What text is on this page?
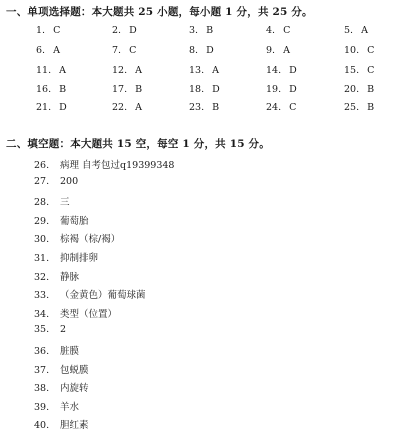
一、单项选择题：本大题共 25 小题，每小题 1 分，共 25 分。
1. C	2. D	3. B	4. C	5. A
6. A	7. C	8. D	9. A	10. C
11. A	12. A	13. A	14. D	15. C
16. B	17. B	18. D	19. D	20. B
21. D	22. A	23. B	24. C	25. B
二、填空题：本大题共 15 空，每空 1 分，共 15 分。
26. 病理 自考包过q19399348
27. 200
28. 三
29. 葡萄胎
30. 棕褐（棕/褐）
31. 抑制排卵
32. 静脉
33. （金黄色）葡萄球菌
34. 类型（位置）
35. 2
36. 脏膜
37. 包蜕膜
38. 内旋转
39. 羊水
40. 胆红素
